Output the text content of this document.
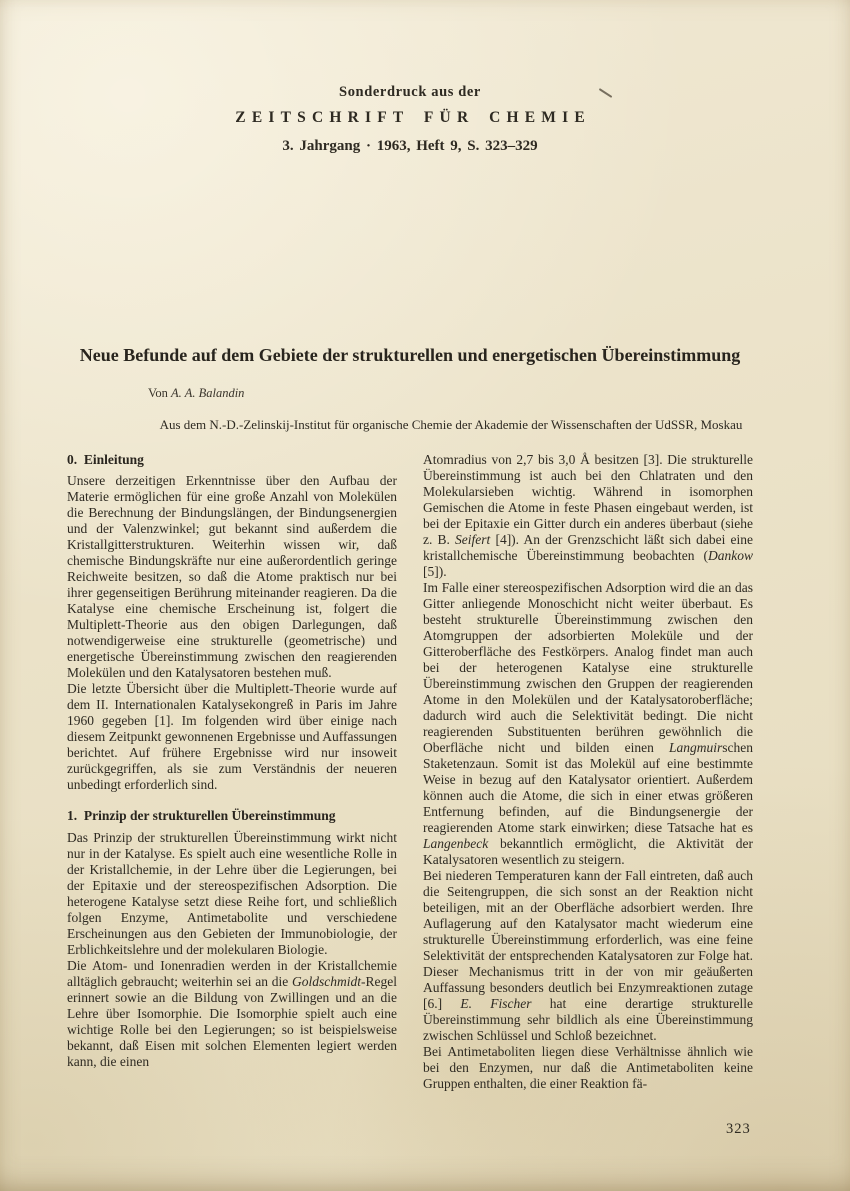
Sonderdruck aus der
ZEITSCHRIFT FÜR CHEMIE
3. Jahrgang · 1963, Heft 9, S. 323–329
Neue Befunde auf dem Gebiete der strukturellen und energetischen Übereinstimmung
Von A. A. Balandin
Aus dem N.-D.-Zelinskij-Institut für organische Chemie der Akademie der Wissenschaften der UdSSR, Moskau
0. Einleitung

Unsere derzeitigen Erkenntnisse über den Aufbau der Materie ermöglichen für eine große Anzahl von Molekülen die Berechnung der Bindungslängen, der Bindungsenergien und der Valenzwinkel; gut bekannt sind außerdem die Kristallgitterstrukturen. Weiterhin wissen wir, daß chemische Bindungskräfte nur eine außerordentlich geringe Reichweite besitzen, so daß die Atome praktisch nur bei ihrer gegenseitigen Berührung miteinander reagieren. Da die Katalyse eine chemische Erscheinung ist, folgert die Multiplett-Theorie aus den obigen Darlegungen, daß notwendigerweise eine strukturelle (geometrische) und energetische Übereinstimmung zwischen den reagierenden Molekülen und den Katalysatoren bestehen muß.

Die letzte Übersicht über die Multiplett-Theorie wurde auf dem II. Internationalen Katalysekongreß in Paris im Jahre 1960 gegeben [1]. Im folgenden wird über einige nach diesem Zeitpunkt gewonnenen Ergebnisse und Auffassungen berichtet. Auf frühere Ergebnisse wird nur insoweit zurückgegriffen, als sie zum Verständnis der neueren unbedingt erforderlich sind.

1. Prinzip der strukturellen Übereinstimmung

Das Prinzip der strukturellen Übereinstimmung wirkt nicht nur in der Katalyse. Es spielt auch eine wesentliche Rolle in der Kristallchemie, in der Lehre über die Legierungen, bei der Epitaxie und der stereospezifischen Adsorption. Die heterogene Katalyse setzt diese Reihe fort, und schließlich folgen Enzyme, Antimetabolite und verschiedene Erscheinungen aus den Gebieten der Immunobiologie, der Erblichkeitslehre und der molekularen Biologie.

Die Atom- und Ionenradien werden in der Kristallchemie alltäglich gebraucht; weiterhin sei an die Goldschmidt-Regel erinnert sowie an die Bildung von Zwillingen und an die Lehre über Isomorphie. Die Isomorphie spielt auch eine wichtige Rolle bei den Legierungen; so ist beispielsweise bekannt, daß Eisen mit solchen Elementen legiert werden kann, die einen

Atomradius von 2,7 bis 3,0 Å besitzen [3]. Die strukturelle Übereinstimmung ist auch bei den Chlatraten und den Molekularsieben wichtig. Während in isomorphen Gemischen die Atome in feste Phasen eingebaut werden, ist bei der Epitaxie ein Gitter durch ein anderes überbaut (siehe z. B. Seifert [4]). An der Grenzschicht läßt sich dabei eine kristallchemische Übereinstimmung beobachten (Dankow [5]).

Im Falle einer stereospezifischen Adsorption wird die an das Gitter anliegende Monoschicht nicht weiter überbaut. Es besteht strukturelle Übereinstimmung zwischen den Atomgruppen der adsorbierten Moleküle und der Gitteroberfläche des Festkörpers. Analog findet man auch bei der heterogenen Katalyse eine strukturelle Übereinstimmung zwischen den Gruppen der reagierenden Atome in den Molekülen und der Katalysatoroberfläche; dadurch wird auch die Selektivität bedingt. Die nicht reagierenden Substituenten berühren gewöhnlich die Oberfläche nicht und bilden einen Langmuirschen Staketenzaun. Somit ist das Molekül auf eine bestimmte Weise in bezug auf den Katalysator orientiert. Außerdem können auch die Atome, die sich in einer etwas größeren Entfernung befinden, auf die Bindungsenergie der reagierenden Atome stark einwirken; diese Tatsache hat es Langenbeck bekanntlich ermöglicht, die Aktivität der Katalysatoren wesentlich zu steigern.

Bei niederen Temperaturen kann der Fall eintreten, daß auch die Seitengruppen, die sich sonst an der Reaktion nicht beteiligen, mit an der Oberfläche adsorbiert werden. Ihre Auflagerung auf den Katalysator macht wiederum eine strukturelle Übereinstimmung erforderlich, was eine feine Selektivität der entsprechenden Katalysatoren zur Folge hat. Dieser Mechanismus tritt in der von mir geäußerten Auffassung besonders deutlich bei Enzymreaktionen zutage [6.] E. Fischer hat eine derartige strukturelle Übereinstimmung sehr bildlich als eine Übereinstimmung zwischen Schlüssel und Schloß bezeichnet.

Bei Antimetaboliten liegen diese Verhältnisse ähnlich wie bei den Enzymen, nur daß die Antimetaboliten keine Gruppen enthalten, die einer Reaktion fä-

323
